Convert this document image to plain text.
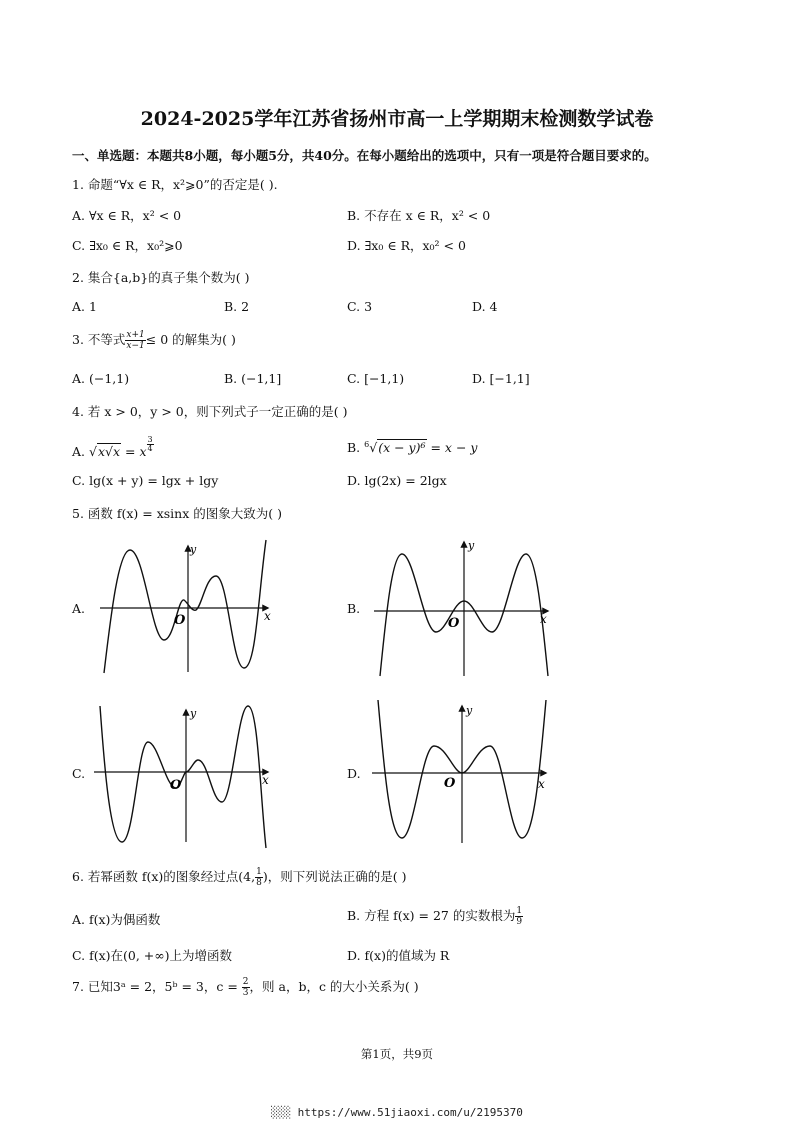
2024-2025学年江苏省扬州市高一上学期期末检测数学试卷
一、单选题：本题共8小题，每小题5分，共40分。在每小题给出的选项中，只有一项是符合题目要求的。
1. 命题“∀x ∈ R，x²⩾0”的否定是( ).
A. ∀x ∈ R，x² < 0	B. 不存在 x ∈ R，x² < 0
C. ∃x₀ ∈ R，x₀²⩾0	D. ∃x₀ ∈ R，x₀² < 0
2. 集合{a,b}的真子集个数为( )
A. 1	B. 2	C. 3	D. 4
3. 不等式 $\frac{x+1}{x-1} \le 0$ 的解集为( )
A. (−1,1)	B. (−1,1]	C. [−1,1)	D. [−1,1]
4. 若 x > 0，y > 0，则下列式子一定正确的是( )
A. √x√x = x $\frac{3}{4}$	B. $^6$√(x − y)⁶ = x − y
C. lg(x + y) = lgx + lgy	D. lg(2x) = 2lgx
5. 函数 f(x) = xsinx 的图象大致为( )
A.	B.
C.	D.
y
x
O
y
x
O
y
x
O
y
x
O
6. 若幂函数 f(x)的图象经过点(4, $\frac{1}{8}$ )，则下列说法正确的是( )
A. f(x)为偶函数	B. 方程 f(x) = 27 的实数根为 $\frac{1}{9}$
C. f(x)在(0, +∞)上为增函数	D. f(x)的值域为 R
7. 已知3ᵃ = 2，5ᵇ = 3，$c = \frac{2}{3}$ ，则 a，b，c 的大小关系为( )
第1页，共9页
░░░ https://www.51jiaoxi.com/u/2195370
